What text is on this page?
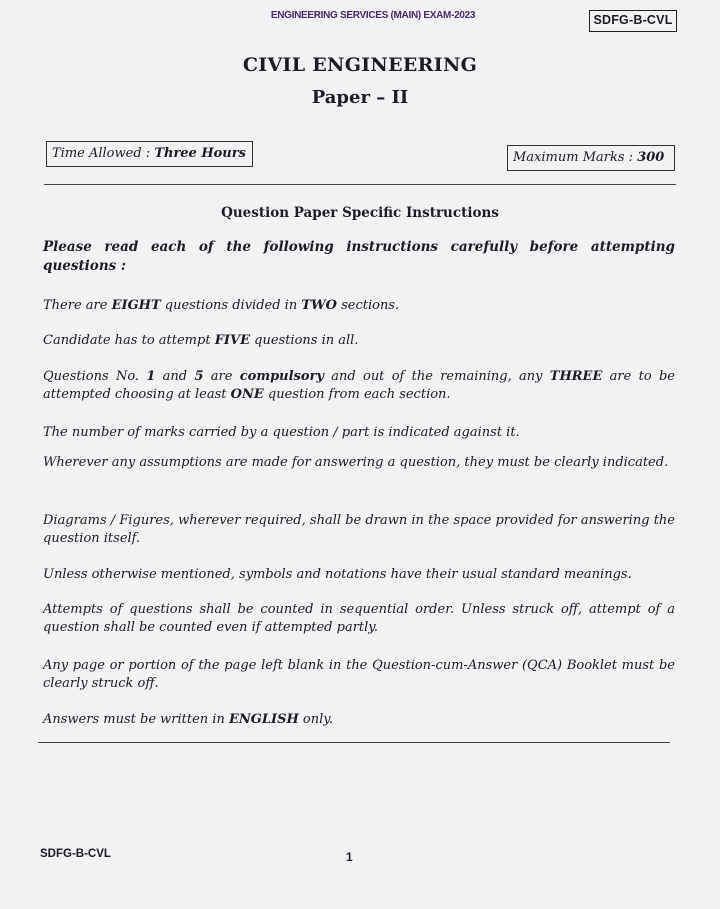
ENGINEERING SERVICES (MAIN) EXAM-2023	SDFG-B-CVL
CIVIL ENGINEERING
Paper – II
Time Allowed : Three Hours	Maximum Marks : 300
Question Paper Specific Instructions
Please read each of the following instructions carefully before attempting questions :
There are EIGHT questions divided in TWO sections.
Candidate has to attempt FIVE questions in all.
Questions No. 1 and 5 are compulsory and out of the remaining, any THREE are to be attempted choosing at least ONE question from each section.
The number of marks carried by a question / part is indicated against it.
Wherever any assumptions are made for answering a question, they must be clearly indicated.
Diagrams / Figures, wherever required, shall be drawn in the space provided for answering the question itself.
Unless otherwise mentioned, symbols and notations have their usual standard meanings.
Attempts of questions shall be counted in sequential order. Unless struck off, attempt of a question shall be counted even if attempted partly.
Any page or portion of the page left blank in the Question-cum-Answer (QCA) Booklet must be clearly struck off.
Answers must be written in ENGLISH only.
SDFG-B-CVL	1
